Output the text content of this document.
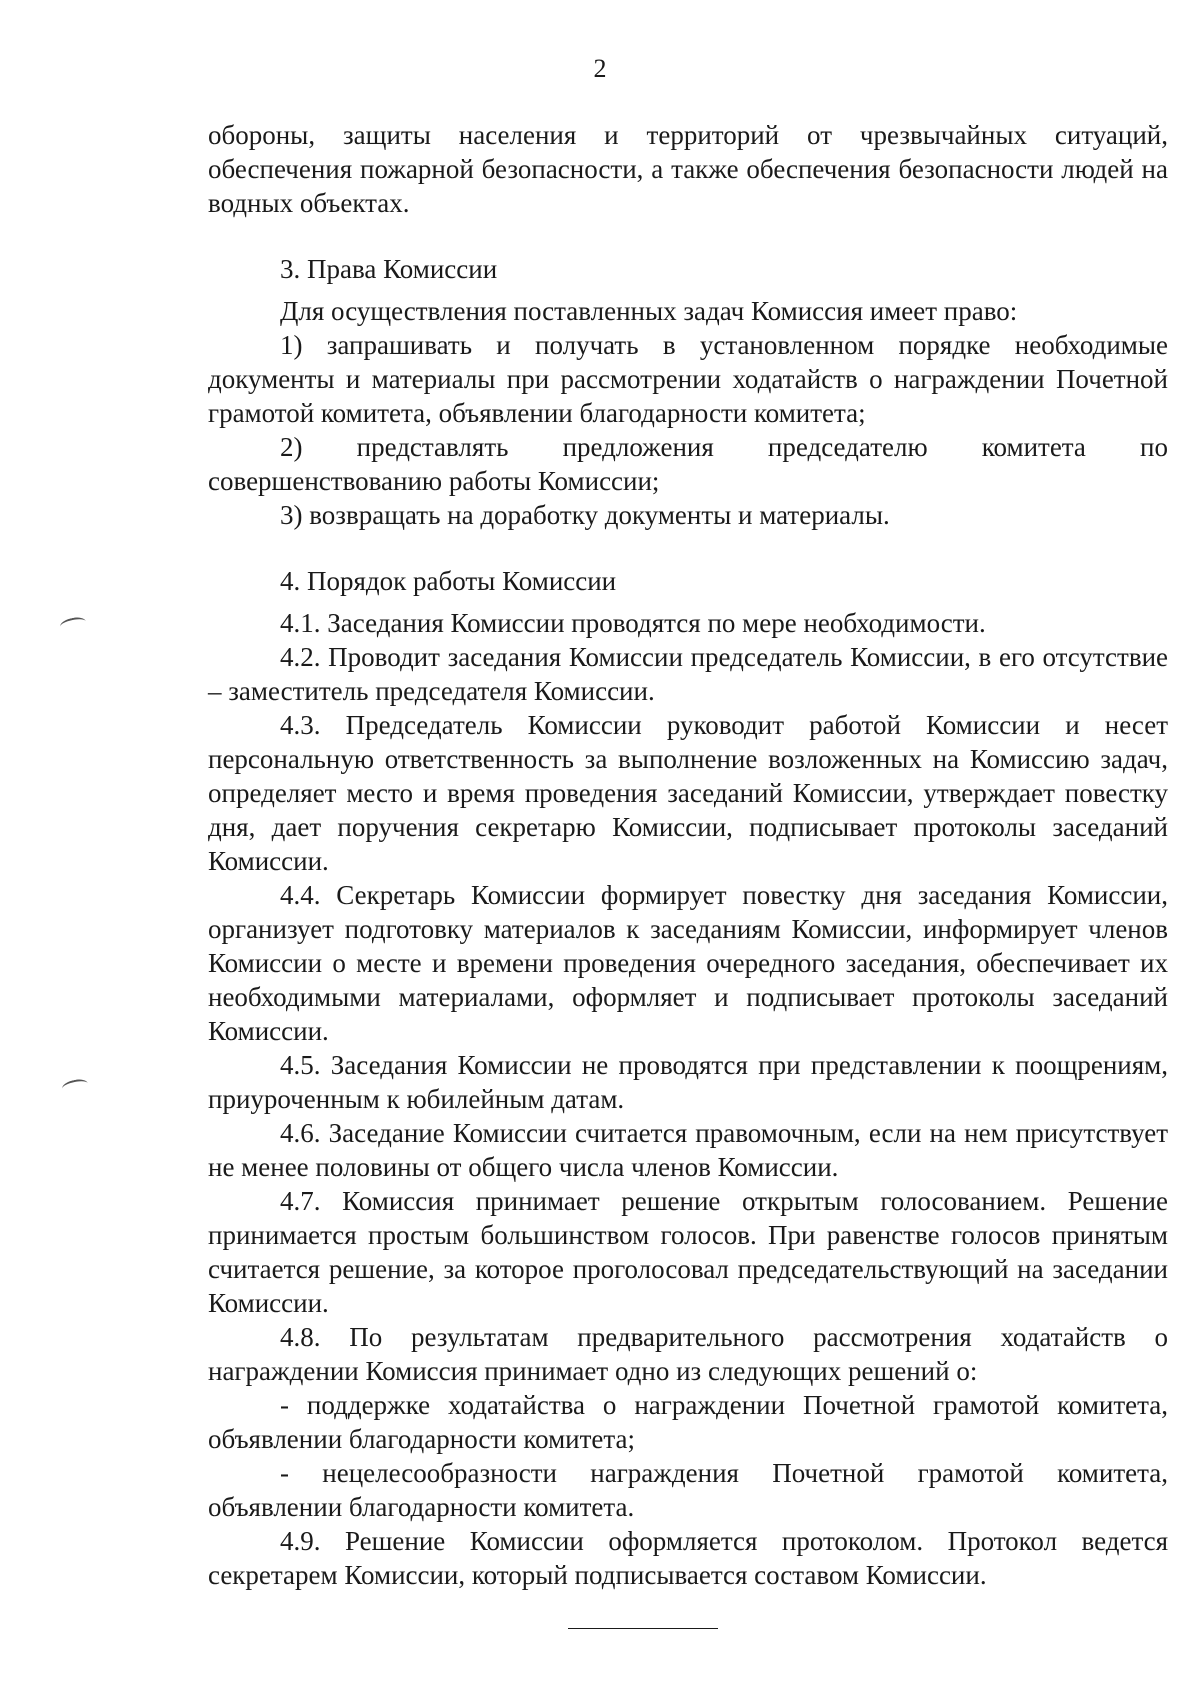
2

обороны, защиты населения и территорий от чрезвычайных ситуаций, обеспечения пожарной безопасности, а также обеспечения безопасности людей на водных объектах.

3. Права Комиссии

Для осуществления поставленных задач Комиссия имеет право:

1) запрашивать и получать в установленном порядке необходимые документы и материалы при рассмотрении ходатайств о награждении Почетной грамотой комитета, объявлении благодарности комитета;

2) представлять предложения председателю комитета по совершенствованию работы Комиссии;

3) возвращать на доработку документы и материалы.

4. Порядок работы Комиссии

4.1. Заседания Комиссии проводятся по мере необходимости.

4.2. Проводит заседания Комиссии председатель Комиссии, в его отсутствие – заместитель председателя Комиссии.

4.3. Председатель Комиссии руководит работой Комиссии и несет персональную ответственность за выполнение возложенных на Комиссию задач, определяет место и время проведения заседаний Комиссии, утверждает повестку дня, дает поручения секретарю Комиссии, подписывает протоколы заседаний Комиссии.

4.4. Секретарь Комиссии формирует повестку дня заседания Комиссии, организует подготовку материалов к заседаниям Комиссии, информирует членов Комиссии о месте и времени проведения очередного заседания, обеспечивает их необходимыми материалами, оформляет и подписывает протоколы заседаний Комиссии.

4.5. Заседания Комиссии не проводятся при представлении к поощрениям, приуроченным к юбилейным датам.

4.6. Заседание Комиссии считается правомочным, если на нем присутствует не менее половины от общего числа членов Комиссии.

4.7. Комиссия принимает решение открытым голосованием. Решение принимается простым большинством голосов. При равенстве голосов принятым считается решение, за которое проголосовал председательствующий на заседании Комиссии.

4.8. По результатам предварительного рассмотрения ходатайств о награждении Комиссия принимает одно из следующих решений о:

- поддержке ходатайства о награждении Почетной грамотой комитета, объявлении благодарности комитета;

- нецелесообразности награждения Почетной грамотой комитета, объявлении благодарности комитета.

4.9. Решение Комиссии оформляется протоколом. Протокол ведется секретарем Комиссии, который подписывается составом Комиссии.
